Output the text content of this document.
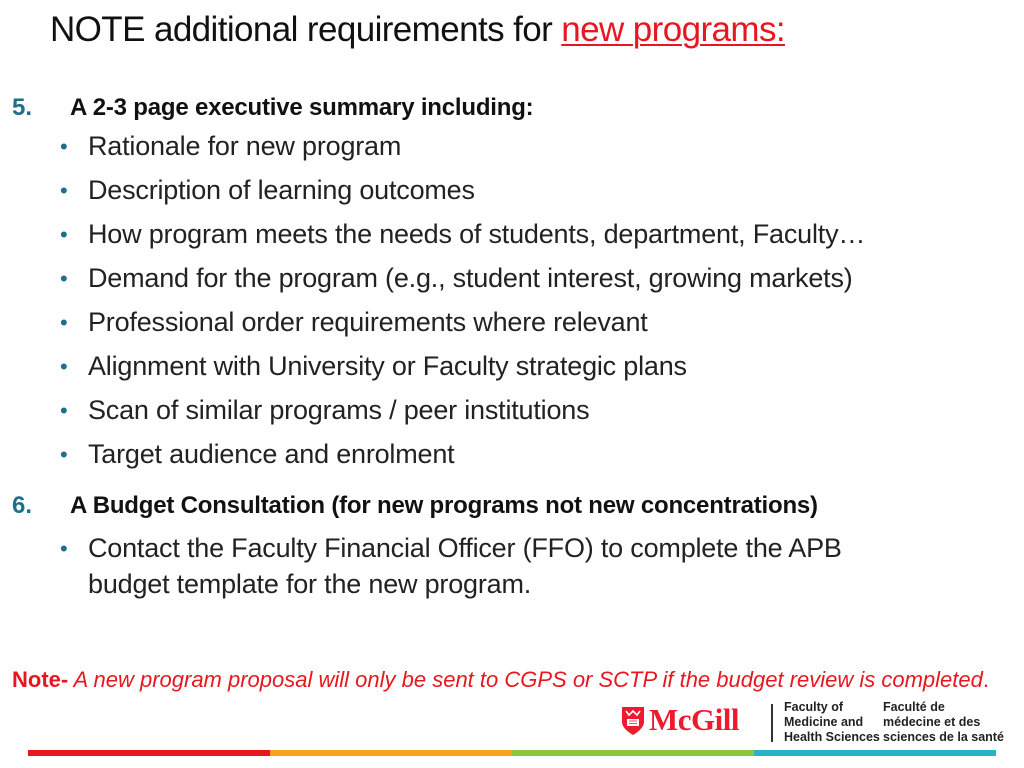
NOTE additional requirements for new programs:
5. A 2-3 page executive summary including:
• Rationale for new program
• Description of learning outcomes
• How program meets the needs of students, department, Faculty…
• Demand for the program (e.g., student interest, growing markets)
• Professional order requirements where relevant
• Alignment with University or Faculty strategic plans
• Scan of similar programs / peer institutions
• Target audience and enrolment
6. A Budget Consultation (for new programs not new concentrations)
• Contact the Faculty Financial Officer (FFO) to complete the APB
budget template for the new program.
Note- A new program proposal will only be sent to CGPS or SCTP if the budget review is completed.
McGill	Faculty of
Medicine and
Health Sciences
Faculté de
médecine et des
sciences de la santé
